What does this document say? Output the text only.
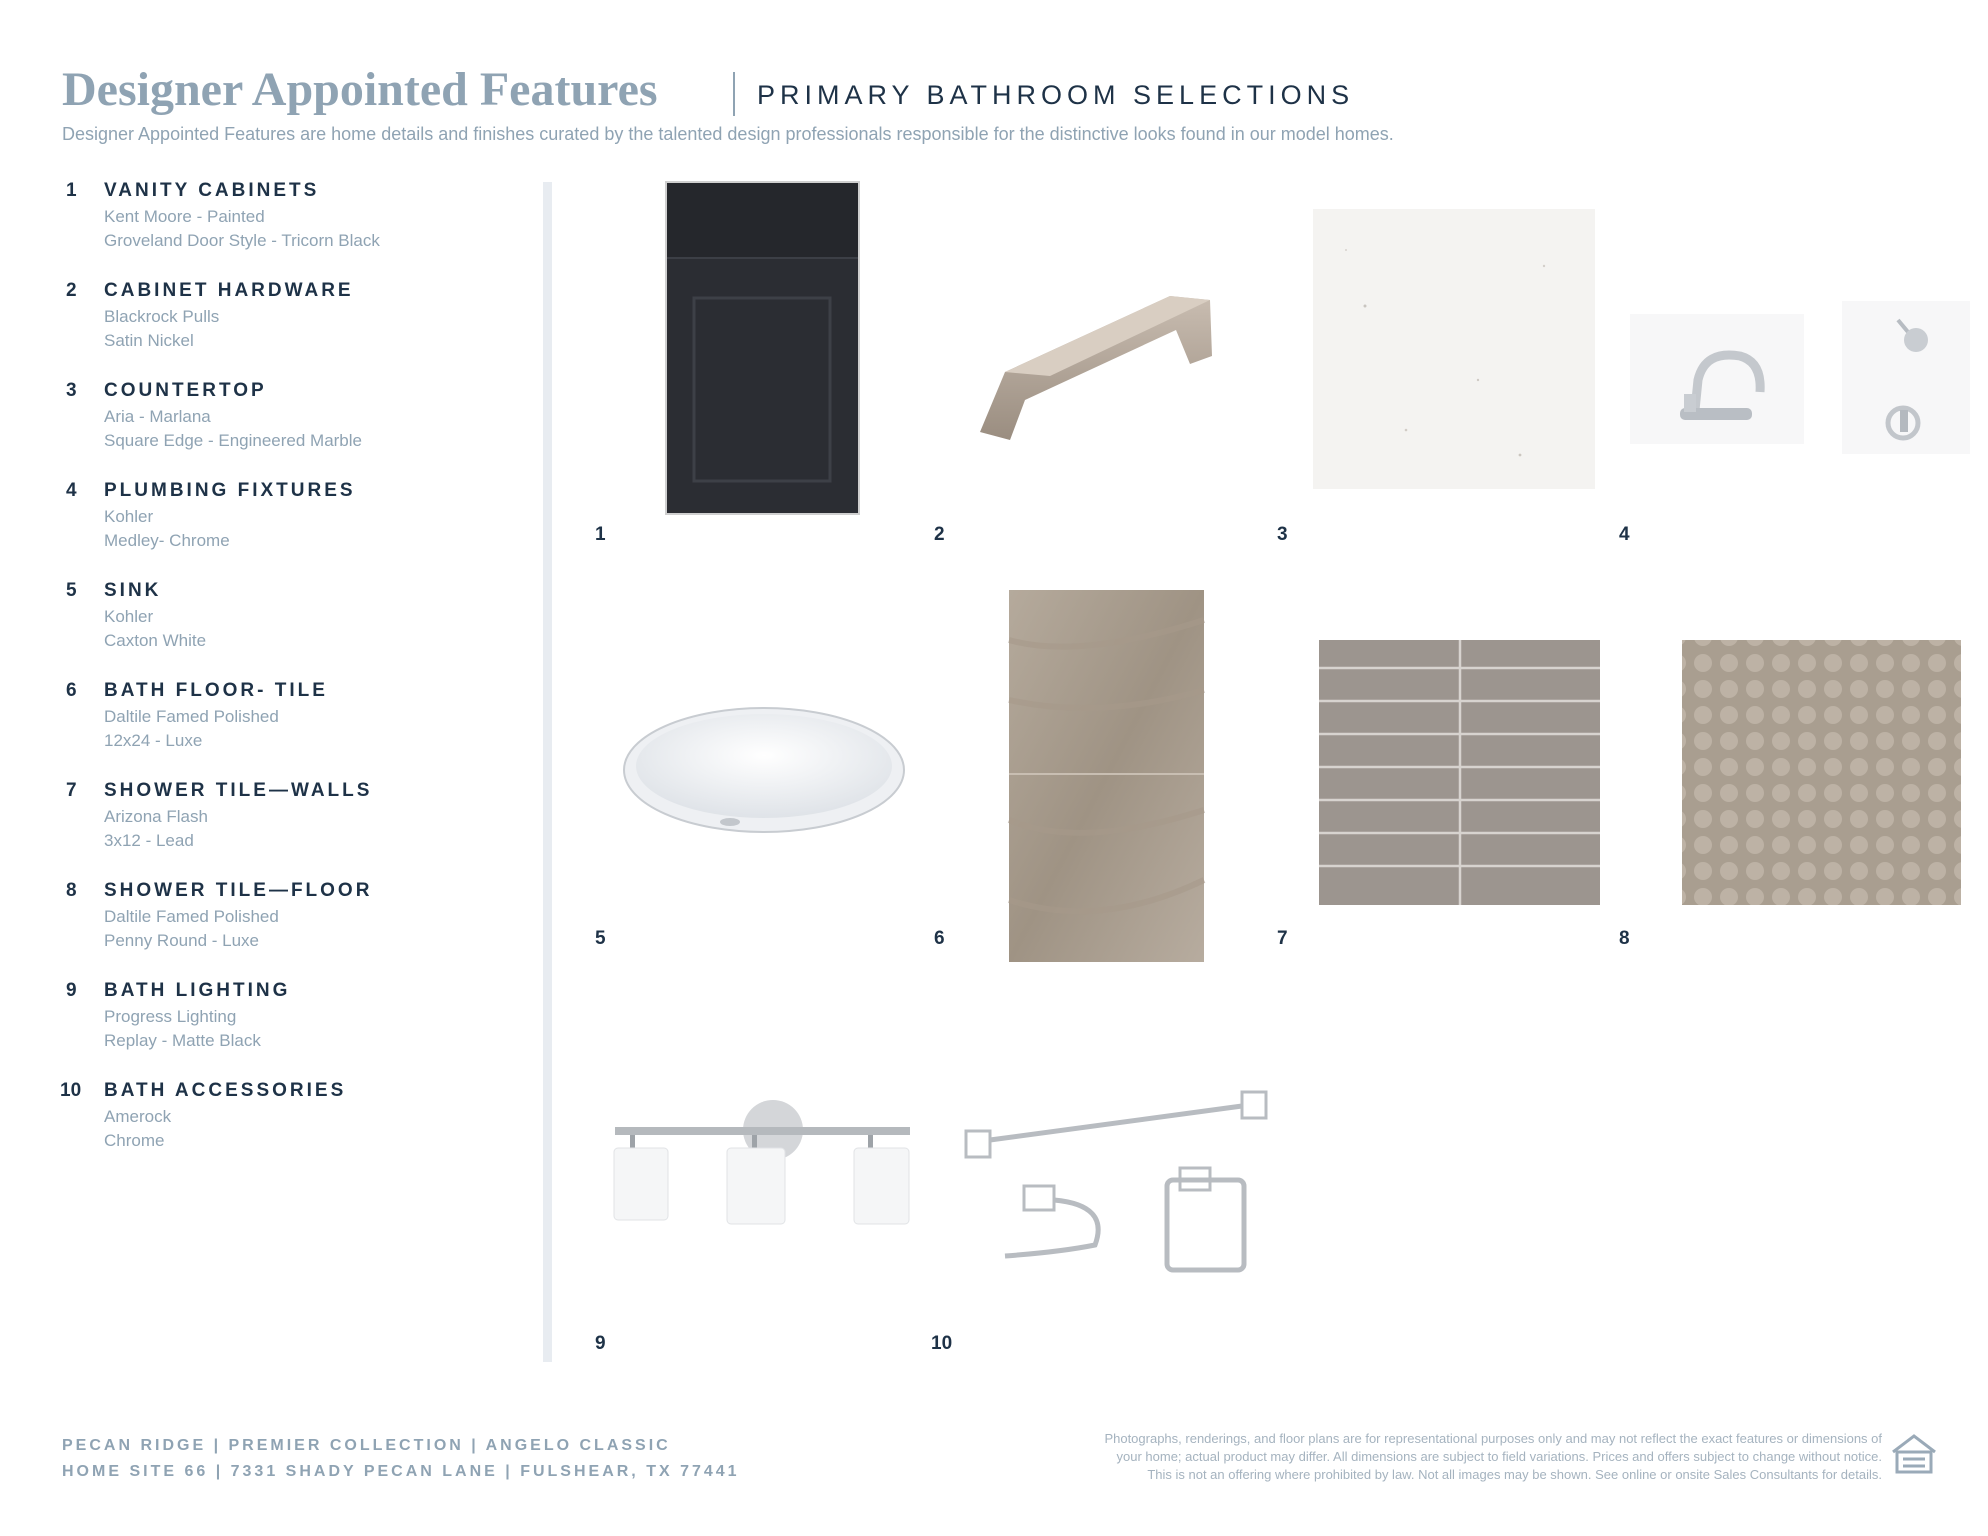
Designer Appointed Features	PRIMARY BATHROOM SELECTIONS
Designer Appointed Features are home details and finishes curated by the talented design professionals responsible for the distinctive looks found in our model homes.
1	VANITY CABINETS
Kent Moore - Painted
Groveland Door Style - Tricorn Black
2	CABINET HARDWARE
Blackrock Pulls
Satin Nickel
3	COUNTERTOP
Aria - Marlana
Square Edge - Engineered Marble
4	PLUMBING FIXTURES
Kohler
Medley- Chrome
5	SINK
Kohler
Caxton White
6	BATH FLOOR- TILE
Daltile Famed Polished
12x24 - Luxe
7	SHOWER TILE—WALLS
Arizona Flash
3x12 - Lead
8	SHOWER TILE—FLOOR
Daltile Famed Polished
Penny Round - Luxe
9	BATH LIGHTING
Progress Lighting
Replay - Matte Black
10	BATH ACCESSORIES
Amerock
Chrome
1	2	3	4
5	6	7	8
9	10
PECAN RIDGE | PREMIER COLLECTION | ANGELO CLASSIC
HOME SITE 66 | 7331 SHADY PECAN LANE | FULSHEAR, TX 77441
Photographs, renderings, and floor plans are for representational purposes only and may not reflect the exact features or dimensions of
your home; actual product may differ. All dimensions are subject to field variations. Prices and offers subject to change without notice.
This is not an offering where prohibited by law. Not all images may be shown. See online or onsite Sales Consultants for details.
